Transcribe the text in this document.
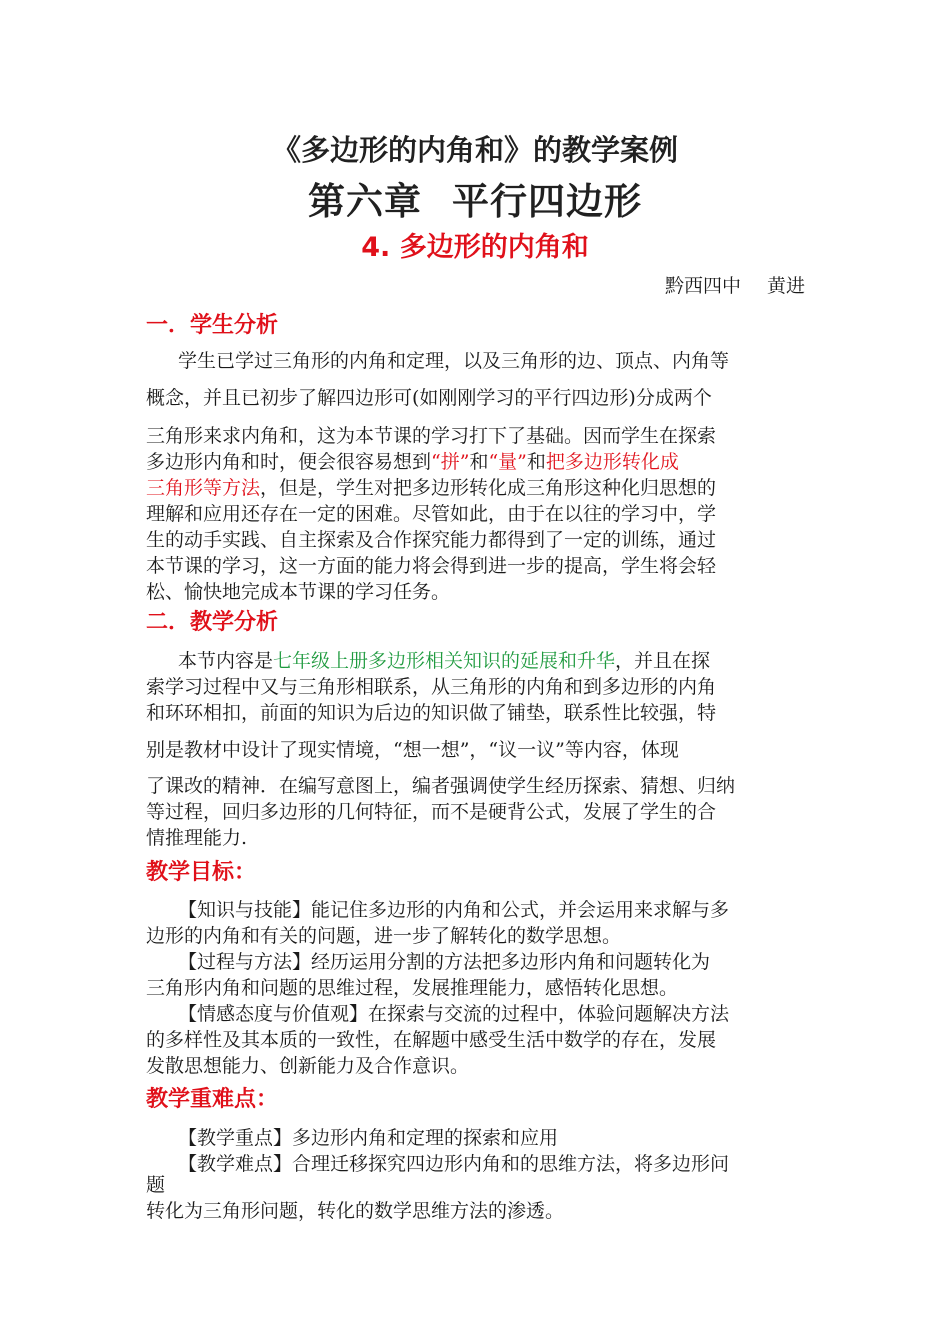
《多边形的内角和》的教学案例
第六章 平行四边形
4. 多边形的内角和
黔西四中 黄进
一．学生分析
学生已学过三角形的内角和定理，以及三角形的边、顶点、内角等
概念，并且已初步了解四边形可(如刚刚学习的平行四边形)分成两个
三角形来求内角和，这为本节课的学习打下了基础。因而学生在探索
多边形内角和时，便会很容易想到“拼”和“量”和把多边形转化成
三角形等方法，但是，学生对把多边形转化成三角形这种化归思想的
理解和应用还存在一定的困难。尽管如此，由于在以往的学习中，学
生的动手实践、自主探索及合作探究能力都得到了一定的训练，通过
本节课的学习，这一方面的能力将会得到进一步的提高，学生将会轻
松、愉快地完成本节课的学习任务。
二．教学分析
本节内容是七年级上册多边形相关知识的延展和升华，并且在探
索学习过程中又与三角形相联系，从三角形的内角和到多边形的内角
和环环相扣，前面的知识为后边的知识做了铺垫，联系性比较强，特
别是教材中设计了现实情境，“想一想”，“议一议”等内容，体现
了课改的精神．在编写意图上，编者强调使学生经历探索、猜想、归纳
等过程，回归多边形的几何特征，而不是硬背公式，发展了学生的合
情推理能力.
教学目标：
【知识与技能】能记住多边形的内角和公式，并会运用来求解与多
边形的内角和有关的问题，进一步了解转化的数学思想。
【过程与方法】经历运用分割的方法把多边形内角和问题转化为
三角形内角和问题的思维过程，发展推理能力，感悟转化思想。
【情感态度与价值观】在探索与交流的过程中，体验问题解决方法
的多样性及其本质的一致性，在解题中感受生活中数学的存在，发展
发散思想能力、创新能力及合作意识。
教学重难点：
【教学重点】多边形内角和定理的探索和应用
【教学难点】合理迁移探究四边形内角和的思维方法，将多边形问
题
转化为三角形问题，转化的数学思维方法的渗透。
